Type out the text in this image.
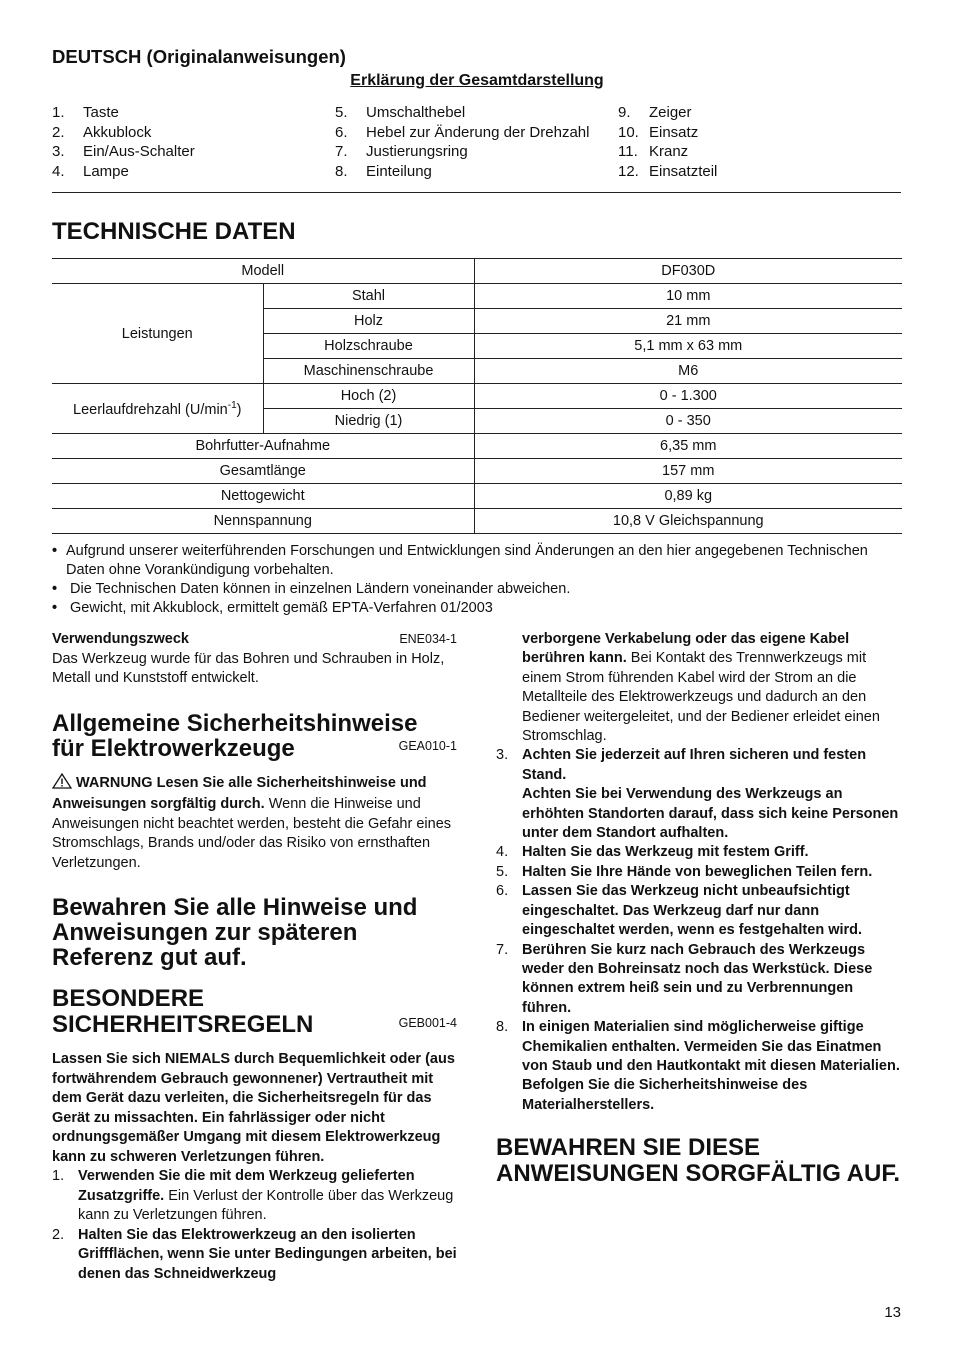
DEUTSCH (Originalanweisungen)
Erklärung der Gesamtdarstellung
1.	Taste
2.	Akkublock
3.	Ein/Aus-Schalter
4.	Lampe
5.	Umschalthebel
6.	Hebel zur Änderung der Drehzahl
7.	Justierungsring
8.	Einteilung
9.	Zeiger
10. Einsatz
11. Kranz
12. Einsatzteil
TECHNISCHE DATEN
Modell		DF030D
Leistungen	Stahl	10 mm
	Holz	21 mm
	Holzschraube	5,1 mm x 63 mm
	Maschinenschraube	M6
Leerlaufdrehzahl $(U/\min^{-1})$	Hoch (2)	0 - 1.300
	Niedrig (1)	0 - 350
Bohrfutter-Aufnahme		6,35 mm
Gesamtlänge		157 mm
Nettogewicht		0,89 kg
Nennspannung		10,8 V Gleichspannung
• Aufgrund unserer weiterführenden Forschungen und Entwicklungen sind Änderungen an den hier angegebenen Technischen Daten ohne Vorankündigung vorbehalten.
• Die Technischen Daten können in einzelnen Ländern voneinander abweichen.
• Gewicht, mit Akkublock, ermittelt gemäß EPTA-Verfahren 01/2003
Verwendungszweck	ENE034-1
Das Werkzeug wurde für das Bohren und Schrauben in Holz, Metall und Kunststoff entwickelt.
Allgemeine Sicherheitshinweise
für Elektrowerkzeuge	GEA010-1
WARNUNG Lesen Sie alle Sicherheitshinweise und Anweisungen sorgfältig durch. Wenn die Hinweise und Anweisungen nicht beachtet werden, besteht die Gefahr eines Stromschlags, Brands und/oder das Risiko von ernsthaften Verletzungen.
Bewahren Sie alle Hinweise und Anweisungen zur späteren Referenz gut auf.
BESONDERE
SICHERHEITSREGELN	GEB001-4
Lassen Sie sich NIEMALS durch Bequemlichkeit oder (aus fortwährendem Gebrauch gewonnener) Vertrautheit mit dem Gerät dazu verleiten, die Sicherheitsregeln für das Gerät zu missachten. Ein fahrlässiger oder nicht ordnungsgemäßer Umgang mit diesem Elektrowerkzeug kann zu schweren Verletzungen führen.
1. Verwenden Sie die mit dem Werkzeug gelieferten Zusatzgriffe. Ein Verlust der Kontrolle über das Werkzeug kann zu Verletzungen führen.
2. Halten Sie das Elektrowerkzeug an den isolierten Griffflächen, wenn Sie unter Bedingungen arbeiten, bei denen das Schneidwerkzeug
verborgene Verkabelung oder das eigene Kabel berühren kann. Bei Kontakt des Trennwerkzeugs mit einem Strom führenden Kabel wird der Strom an die Metallteile des Elektrowerkzeugs und dadurch an den Bediener weitergeleitet, und der Bediener erleidet einen Stromschlag.
3. Achten Sie jederzeit auf Ihren sicheren und festen Stand.
Achten Sie bei Verwendung des Werkzeugs an erhöhten Standorten darauf, dass sich keine Personen unter dem Standort aufhalten.
4. Halten Sie das Werkzeug mit festem Griff.
5. Halten Sie Ihre Hände von beweglichen Teilen fern.
6. Lassen Sie das Werkzeug nicht unbeaufsichtigt eingeschaltet. Das Werkzeug darf nur dann eingeschaltet werden, wenn es festgehalten wird.
7. Berühren Sie kurz nach Gebrauch des Werkzeugs weder den Bohreinsatz noch das Werkstück. Diese können extrem heiß sein und zu Verbrennungen führen.
8. In einigen Materialien sind möglicherweise giftige Chemikalien enthalten. Vermeiden Sie das Einatmen von Staub und den Hautkontakt mit diesen Materialien. Befolgen Sie die Sicherheitshinweise des Materialherstellers.
BEWAHREN SIE DIESE ANWEISUNGEN SORGFÄLTIG AUF.
13
